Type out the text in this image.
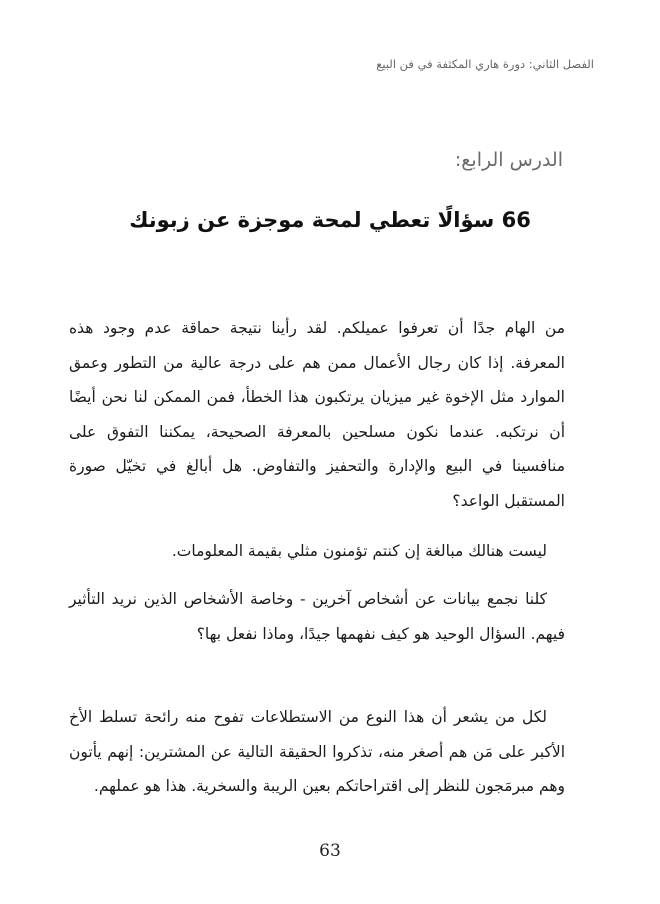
الفصل الثاني: دورة هاري المكثفة في فن البيع
الدرس الرابع:
66 سؤالًا تعطي لمحة موجزة عن زبونك

من الهام جدًا أن تعرفوا عميلكم. لقد رأينا نتيجة حماقة عدم وجود هذه المعرفة. إذا كان رجال الأعمال ممن هم على درجة عالية من التطور وعمق الموارد مثل الإخوة غير ميزيان يرتكبون هذا الخطأ، فمن الممكن لنا نحن أيضًا أن نرتكبه. عندما نكون مسلحين بالمعرفة الصحيحة، يمكننا التفوق على منافسينا في البيع والإدارة والتحفيز والتفاوض. هل أبالغ في تخيّل صورة المستقبل الواعد؟

ليست هنالك مبالغة إن كنتم تؤمنون مثلي بقيمة المعلومات.

كلنا نجمع بيانات عن أشخاص آخرين - وخاصة الأشخاص الذين نريد التأثير فيهم. السؤال الوحيد هو كيف نفهمها جيدًا، وماذا نفعل بها؟

لكل من يشعر أن هذا النوع من الاستطلاعات تفوح منه رائحة تسلط الأخ الأكبر على مَن هم أصغر منه، تذكروا الحقيقة التالية عن المشترين: إنهم يأتون وهم مبرمَجون للنظر إلى اقتراحاتكم بعين الريبة والسخرية. هذا هو عملهم.

63
